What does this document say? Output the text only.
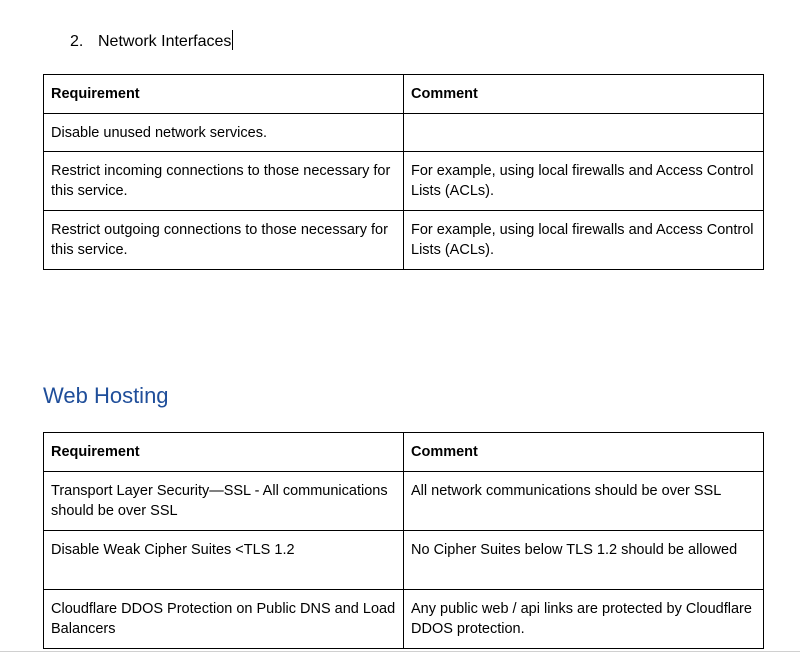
2. Network Interfaces
Requirement	Comment
Disable unused network services.	
Restrict incoming connections to those necessary for this service.	For example, using local firewalls and Access Control Lists (ACLs).
Restrict outgoing connections to those necessary for this service.	For example, using local firewalls and Access Control Lists (ACLs).
Web Hosting
Requirement	Comment
Transport Layer Security—SSL - All communications should be over SSL	All network communications should be over SSL
Disable Weak Cipher Suites <TLS 1.2	No Cipher Suites below TLS 1.2 should be allowed
Cloudflare DDOS Protection on Public DNS and Load Balancers	Any public web / api links are protected by Cloudflare DDOS protection.
